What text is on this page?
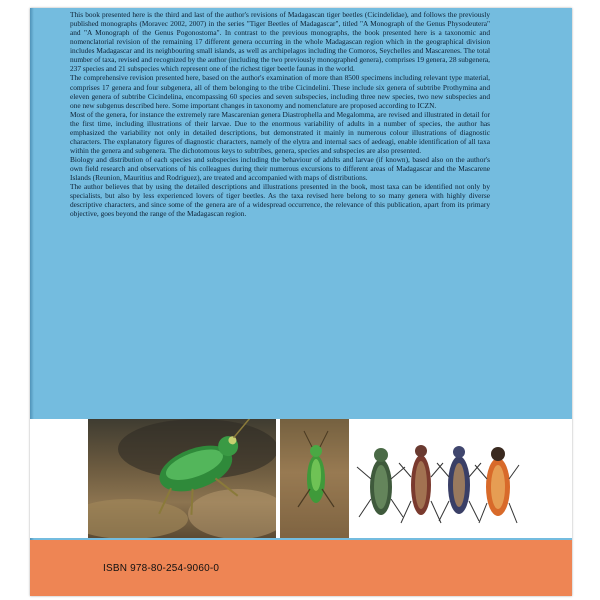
This book presented here is the third and last of the author's revisions of Madagascan tiger beetles (Cicindelidae), and follows the previously published monographs (Moravec 2002, 2007) in the series "Tiger Beetles of Madagascar", titled "A Monograph of the Genus Physodeutera" and "A Monograph of the Genus Pogonostoma". In contrast to the previous monographs, the book presented here is a taxonomic and nomenclatorial revision of the remaining 17 different genera occurring in the whole Madagascan region which in the geographical division includes Madagascar and its neighbouring small islands, as well as archipelagos including the Comoros, Seychelles and Mascarenes. The total number of taxa, revised and recognized by the author (including the two previously monographed genera), comprises 19 genera, 28 subgenera, 237 species and 21 subspecies which represent one of the richest tiger beetle faunas in the world.

The comprehensive revision presented here, based on the author's examination of more than 8500 specimens including relevant type material, comprises 17 genera and four subgenera, all of them belonging to the tribe Cicindelini. These include six genera of subtribe Prothymina and eleven genera of subtribe Cicindelina, encompassing 60 species and seven subspecies, including three new species, two new subspecies and one new subgenus described here. Some important changes in taxonomy and nomenclature are proposed according to ICZN.

Most of the genera, for instance the extremely rare Mascarenian genera Diastrophella and Megalomma, are revised and illustrated in detail for the first time, including illustrations of their larvae. Due to the enormous variability of adults in a number of species, the author has emphasized the variability not only in detailed descriptions, but demonstrated it mainly in numerous colour illustrations of diagnostic characters. The explanatory figures of diagnostic characters, namely of the elytra and internal sacs of aedeagi, enable identification of all taxa within the genera and subgenera. The dichotomous keys to subtribes, genera, species and subspecies are also presented.

Biology and distribution of each species and subspecies including the behaviour of adults and larvae (if known), based also on the author's own field research and observations of his colleagues during their numerous excursions to different areas of Madagascar and the Mascarene Islands (Reunion, Mauritius and Rodriguez), are treated and accompanied with maps of distributions.

The author believes that by using the detailed descriptions and illustrations presented in the book, most taxa can be identified not only by specialists, but also by less experienced lovers of tiger beetles. As the taxa revised here belong to so many genera with highly diverse descriptive characters, and since some of the genera are of a widespread occurrence, the relevance of this publication, apart from its primary objective, goes beyond the range of the Madagascan region.

ISBN 978-80-254-9060-0
